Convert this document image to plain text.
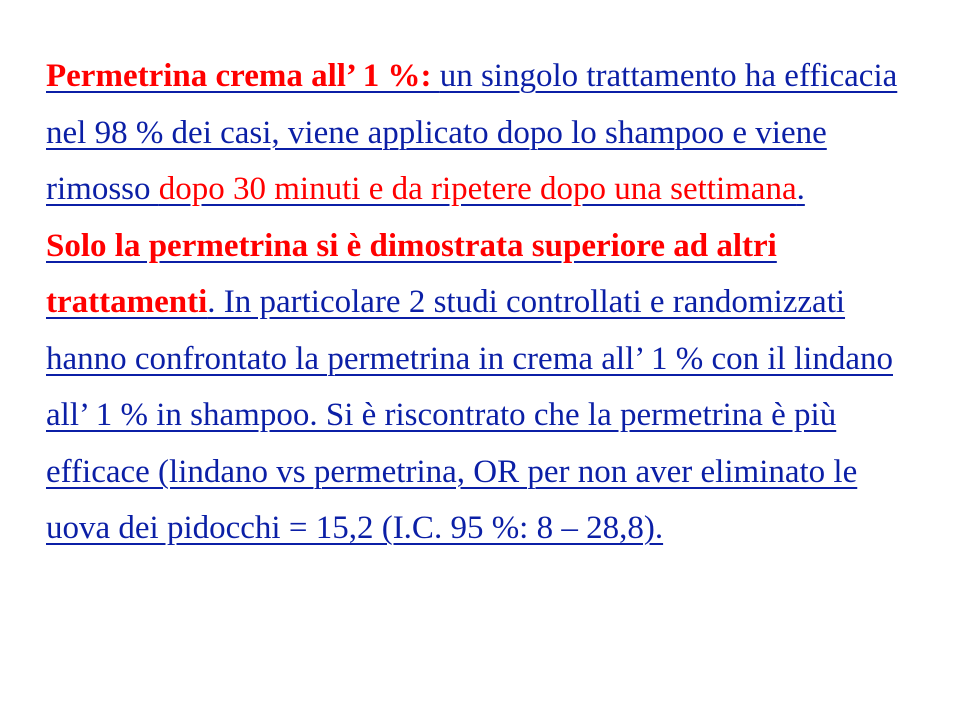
Permetrina crema all’ 1 %: un singolo trattamento ha efficacia nel 98 % dei casi, viene applicato dopo lo shampoo e viene rimosso dopo 30 minuti e da ripetere dopo una settimana.

Solo la permetrina si è dimostrata superiore ad altri trattamenti. In particolare 2 studi controllati e randomizzati hanno confrontato la permetrina in crema all’ 1 % con il lindano all’ 1 % in shampoo. Si è riscontrato che la permetrina è più efficace (lindano vs permetrina, OR per non aver eliminato le uova dei pidocchi = 15,2 (I.C. 95 %: 8 – 28,8).
